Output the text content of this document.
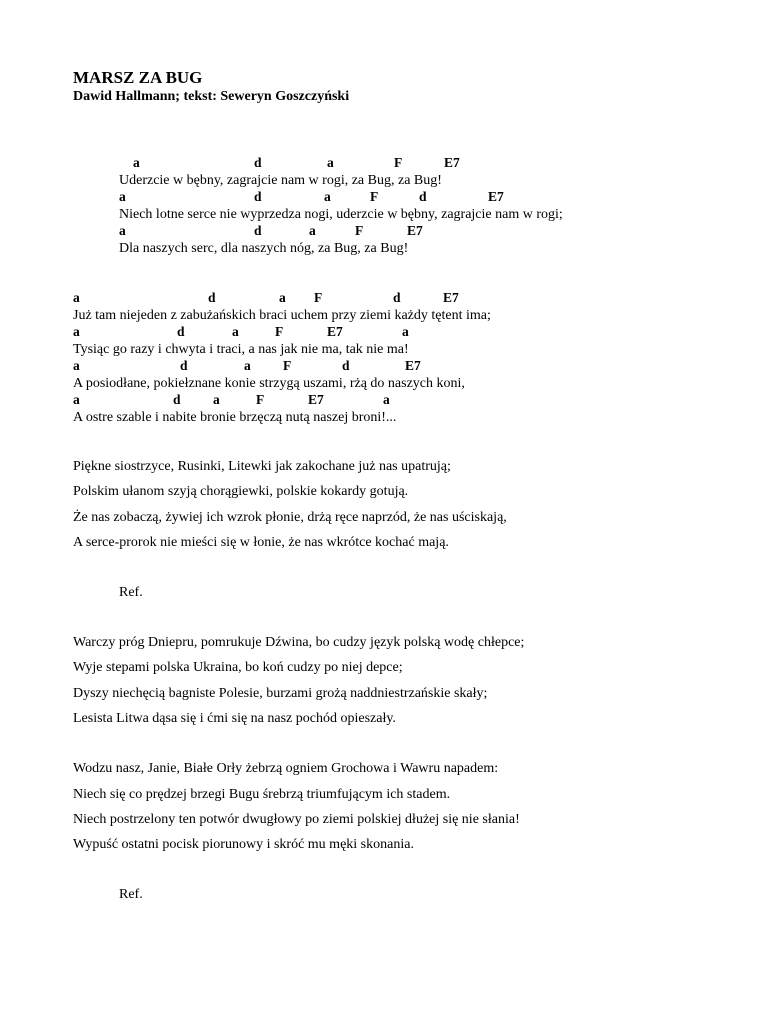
MARSZ ZA BUG
Dawid Hallmann; tekst: Seweryn Goszczyński
a	d	a	F	E7
Uderzcie w bębny, zagrajcie nam w rogi, za Bug, za Bug!
a	d	a	F	d	E7
Niech lotne serce nie wyprzedza nogi, uderzcie w bębny, zagrajcie nam w rogi;
a	d	a	F	E7
Dla naszych serc, dla naszych nóg, za Bug, za Bug!
a	d	a F	d	E7
Już tam niejeden z zabużańskich braci uchem przy ziemi każdy tętent ima;
a	d	a	F	E7	a
Tysiąc go razy i chwyta i traci, a nas jak nie ma, tak nie ma!
a	d	a F	d	E7
A posiodłane, pokiełznane konie strzygą uszami, rżą do naszych koni,
a	d a	F	E7	a
A ostre szable i nabite bronie brzęczą nutą naszej broni!...
Piękne siostrzyce, Rusinki, Litewki jak zakochane już nas upatrują;
Polskim ułanom szyją chorągiewki, polskie kokardy gotują.
Że nas zobaczą, żywiej ich wzrok płonie, drżą ręce naprzód, że nas uściskają,
A serce-prorok nie mieści się w łonie, że nas wkrótce kochać mają.
Ref.
Warczy próg Dniepru, pomrukuje Dźwina, bo cudzy język polską wodę chłepce;
Wyje stepami polska Ukraina, bo koń cudzy po niej depce;
Dyszy niechęcią bagniste Polesie, burzami grożą naddniestrzańskie skały;
Lesista Litwa dąsa się i ćmi się na nasz pochód opieszały.
Wodzu nasz, Janie, Białe Orły żebrzą ogniem Grochowa i Wawru napadem:
Niech się co prędzej brzegi Bugu śrebrzą triumfującym ich stadem.
Niech postrzelony ten potwór dwugłowy po ziemi polskiej dłużej się nie słania!
Wypuść ostatni pocisk piorunowy i skróć mu męki skonania.
Ref.
